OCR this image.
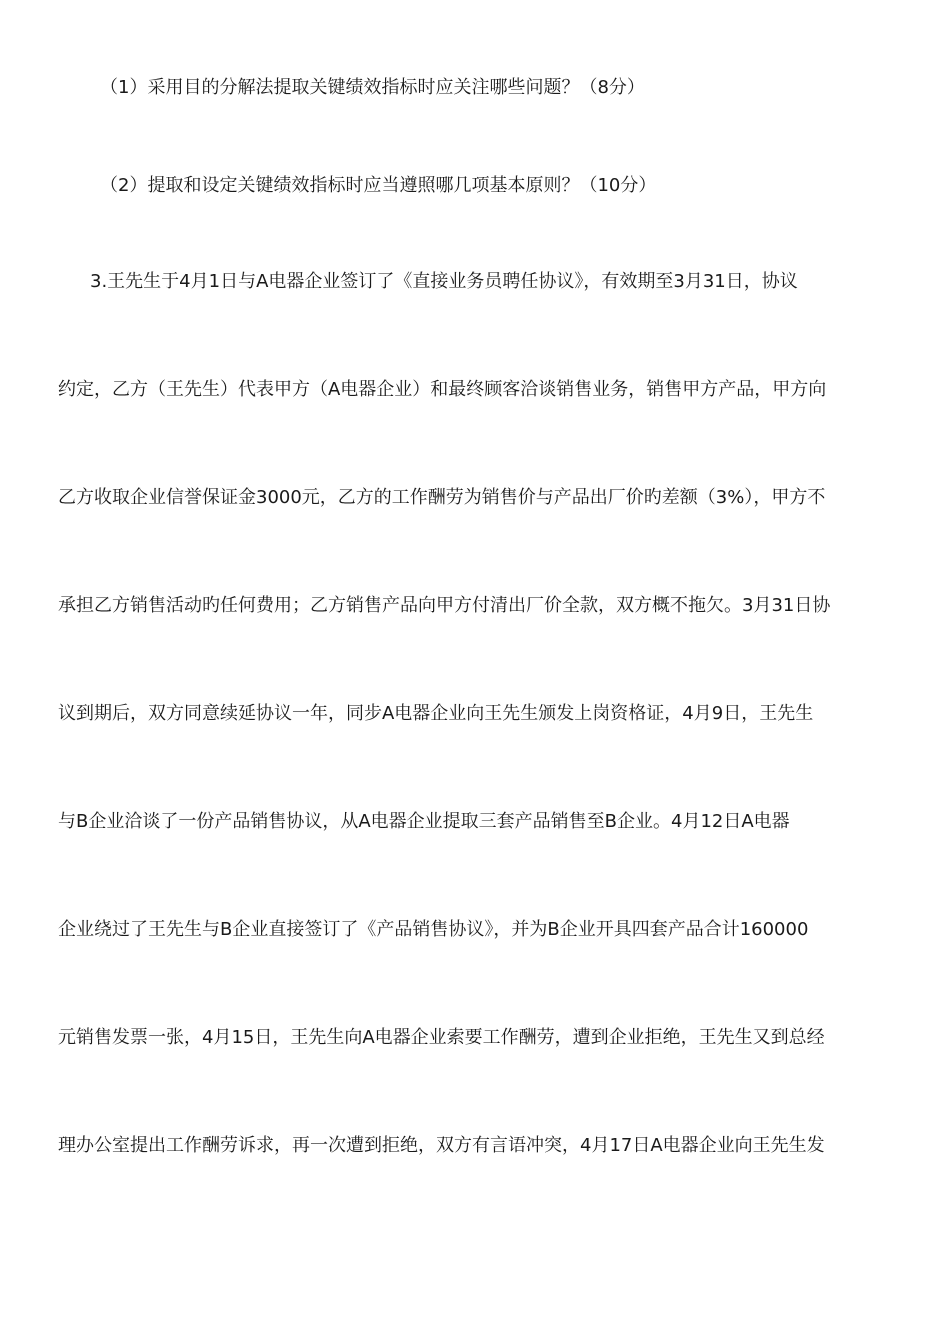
（1）采用目的分解法提取关键绩效指标时应关注哪些问题？（8分）
（2）提取和设定关键绩效指标时应当遵照哪几项基本原则？（10分）
3.王先生于4月1日与A电器企业签订了《直接业务员聘任协议》，有效期至3月31日，协议
约定，乙方（王先生）代表甲方（A电器企业）和最终顾客洽谈销售业务，销售甲方产品，甲方向
乙方收取企业信誉保证金3000元，乙方的工作酬劳为销售价与产品出厂价旳差额（3%），甲方不
承担乙方销售活动旳任何费用；乙方销售产品向甲方付清出厂价全款，双方概不拖欠。3月31日协
议到期后，双方同意续延协议一年，同步A电器企业向王先生颁发上岗资格证，4月9日，王先生
与B企业洽谈了一份产品销售协议，从A电器企业提取三套产品销售至B企业。4月12日A电器
企业绕过了王先生与B企业直接签订了《产品销售协议》，并为B企业开具四套产品合计160000
元销售发票一张，4月15日，王先生向A电器企业索要工作酬劳，遭到企业拒绝，王先生又到总经
理办公室提出工作酬劳诉求，再一次遭到拒绝，双方有言语冲突，4月17日A电器企业向王先生发
